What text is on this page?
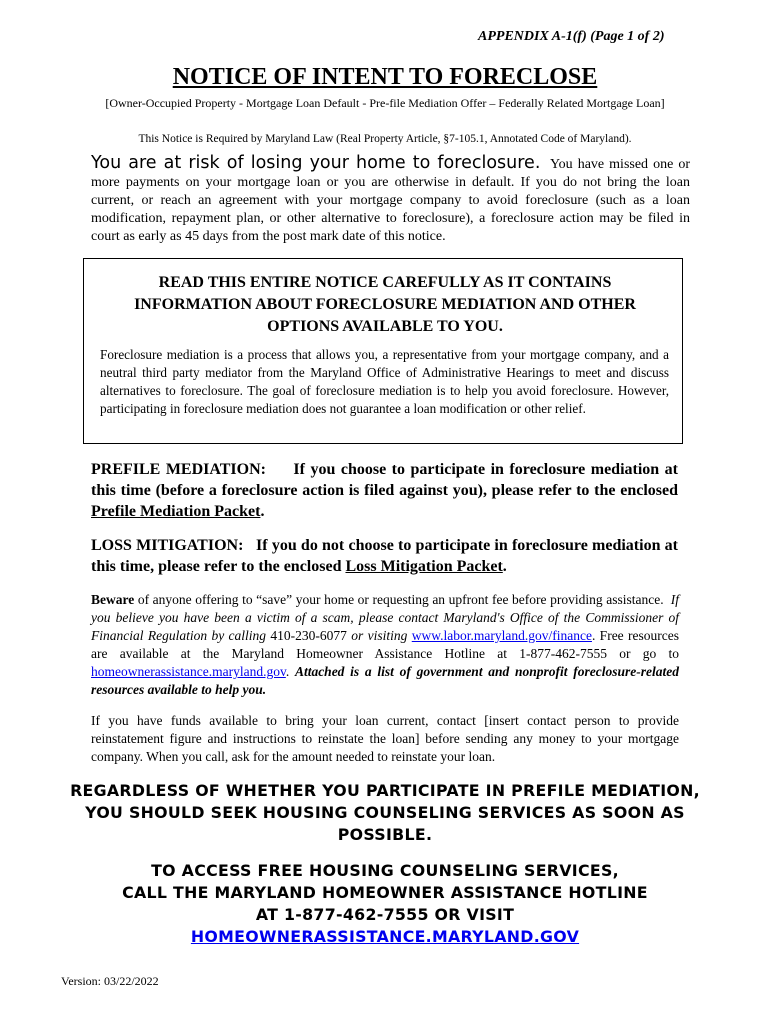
APPENDIX A-1(f) (Page 1 of 2)
NOTICE OF INTENT TO FORECLOSE
[Owner-Occupied Property - Mortgage Loan Default - Pre-file Mediation Offer – Federally Related Mortgage Loan]
This Notice is Required by Maryland Law (Real Property Article, §7-105.1, Annotated Code of Maryland).

You are at risk of losing your home to foreclosure. You have missed one or more payments on your mortgage loan or you are otherwise in default. If you do not bring the loan current, or reach an agreement with your mortgage company to avoid foreclosure (such as a loan modification, repayment plan, or other alternative to foreclosure), a foreclosure action may be filed in court as early as 45 days from the post mark date of this notice.

READ THIS ENTIRE NOTICE CAREFULLY AS IT CONTAINS INFORMATION ABOUT FORECLOSURE MEDIATION AND OTHER OPTIONS AVAILABLE TO YOU.

Foreclosure mediation is a process that allows you, a representative from your mortgage company, and a neutral third party mediator from the Maryland Office of Administrative Hearings to meet and discuss alternatives to foreclosure. The goal of foreclosure mediation is to help you avoid foreclosure. However, participating in foreclosure mediation does not guarantee a loan modification or other relief.

PREFILE MEDIATION: If you choose to participate in foreclosure mediation at this time (before a foreclosure action is filed against you), please refer to the enclosed Prefile Mediation Packet.

LOSS MITIGATION: If you do not choose to participate in foreclosure mediation at this time, please refer to the enclosed Loss Mitigation Packet.

Beware of anyone offering to “save” your home or requesting an upfront fee before providing assistance. If you believe you have been a victim of a scam, please contact Maryland's Office of the Commissioner of Financial Regulation by calling 410-230-6077 or visiting www.labor.maryland.gov/finance. Free resources are available at the Maryland Homeowner Assistance Hotline at 1-877-462-7555 or go to homeownerassistance.maryland.gov. Attached is a list of government and nonprofit foreclosure-related resources available to help you.

If you have funds available to bring your loan current, contact [insert contact person to provide reinstatement figure and instructions to reinstate the loan] before sending any money to your mortgage company. When you call, ask for the amount needed to reinstate your loan.

REGARDLESS OF WHETHER YOU PARTICIPATE IN PREFILE MEDIATION, YOU SHOULD SEEK HOUSING COUNSELING SERVICES AS SOON AS POSSIBLE.
TO ACCESS FREE HOUSING COUNSELING SERVICES,
CALL THE MARYLAND HOMEOWNER ASSISTANCE HOTLINE
AT 1-877-462-7555 OR VISIT
HOMEOWNERASSISTANCE.MARYLAND.GOV
Version: 03/22/2022
